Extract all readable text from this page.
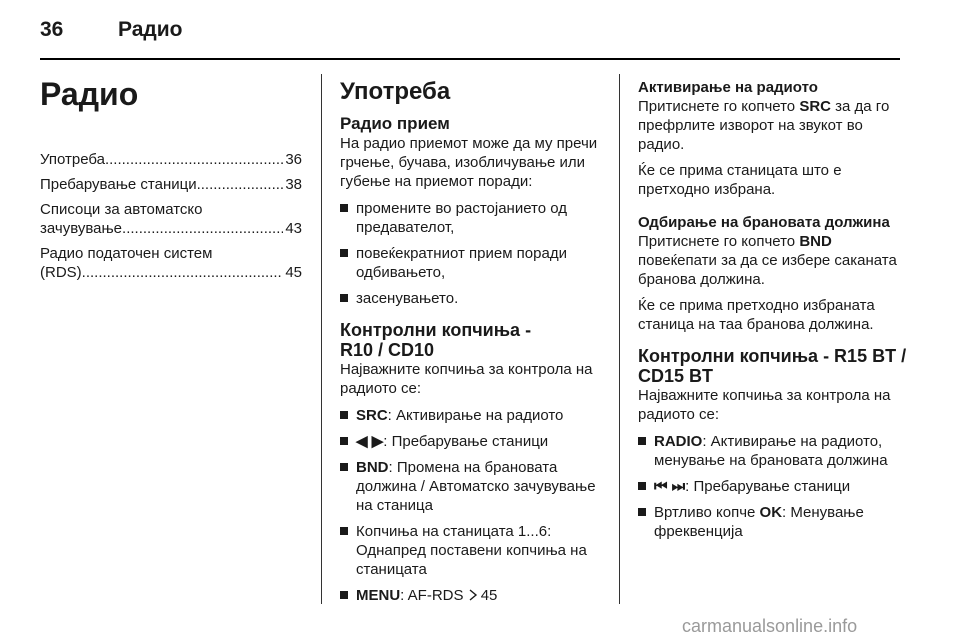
36	Радио
Радио
Употреба .....	36
Пребарување станици .....	38
Списоци за автоматско
зачувување .....	43
Радио податочен систем
(RDS) .....	45
Употреба
Радио прием

На радио приемот може да му пречи грчење, бучава, изобличување или губење на приемот поради:

промените во растојанието од предавателот,
повеќекратниот прием поради одбивањето,
засенувањето.
Контролни копчиња -
R10 / CD10

Најважните копчиња за контрола на радиото се:

SRC: Активирање на радиото
◀ ▶: Пребарување станици
BND: Промена на брановата должина / Автоматско зачувување на станица
Копчиња на станицата 1...6: Однапред поставени копчиња на станицата
MENU: AF-RDS 45
Активирање на радиото

Притиснете го копчето SRC за да го префрлите изворот на звукот во радио.

Ќе се прима станицата што е претходно избрана.

Одбирање на брановата должина

Притиснете го копчето BND повеќепати за да се избере саканата бранова должина.

Ќе се прима претходно избраната станица на таа бранова должина.

Контролни копчиња - R15 BT /
CD15 BT

Најважните копчиња за контрола на радиото се:

RADIO: Активирање на радиото, менување на брановата должина
⏮ ⏭: Пребарување станици
Вртливо копче OK: Менување фреквенција
carmanualsonline.info
